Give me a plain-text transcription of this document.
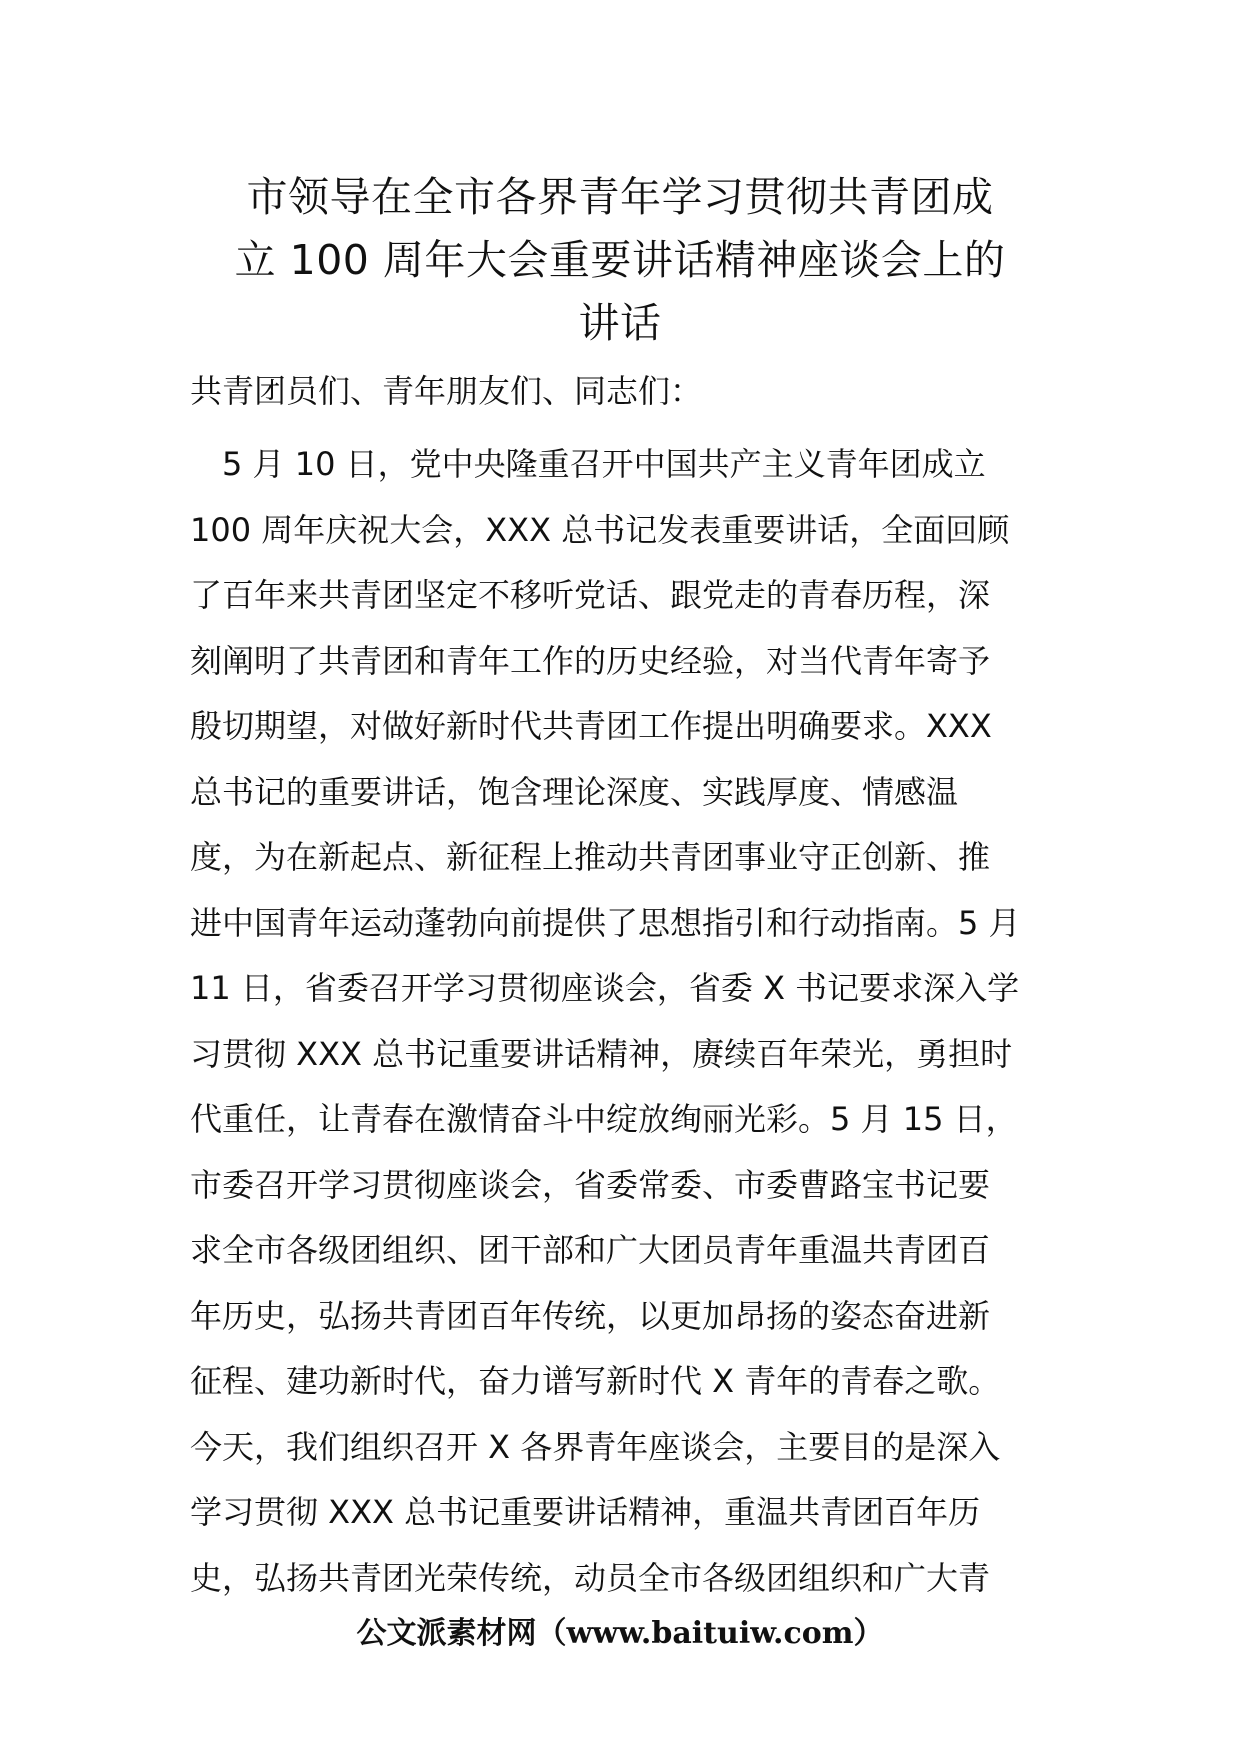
市领导在全市各界青年学习贯彻共青团成
立 100 周年大会重要讲话精神座谈会上的
讲话

共青团员们、青年朋友们、同志们：

　5 月 10 日，党中央隆重召开中国共产主义青年团成立
100 周年庆祝大会，XXX 总书记发表重要讲话，全面回顾
了百年来共青团坚定不移听党话、跟党走的青春历程，深
刻阐明了共青团和青年工作的历史经验，对当代青年寄予
殷切期望，对做好新时代共青团工作提出明确要求。XXX
总书记的重要讲话，饱含理论深度、实践厚度、情感温
度，为在新起点、新征程上推动共青团事业守正创新、推
进中国青年运动蓬勃向前提供了思想指引和行动指南。5 月
11 日，省委召开学习贯彻座谈会，省委 X 书记要求深入学
习贯彻 XXX 总书记重要讲话精神，赓续百年荣光，勇担时
代重任，让青春在激情奋斗中绽放绚丽光彩。5 月 15 日，
市委召开学习贯彻座谈会，省委常委、市委曹路宝书记要
求全市各级团组织、团干部和广大团员青年重温共青团百
年历史，弘扬共青团百年传统，以更加昂扬的姿态奋进新
征程、建功新时代，奋力谱写新时代 X 青年的青春之歌。
今天，我们组织召开 X 各界青年座谈会，主要目的是深入
学习贯彻 XXX 总书记重要讲话精神，重温共青团百年历
史，弘扬共青团光荣传统，动员全市各级团组织和广大青
公文派素材网（www.baituiw.com）
